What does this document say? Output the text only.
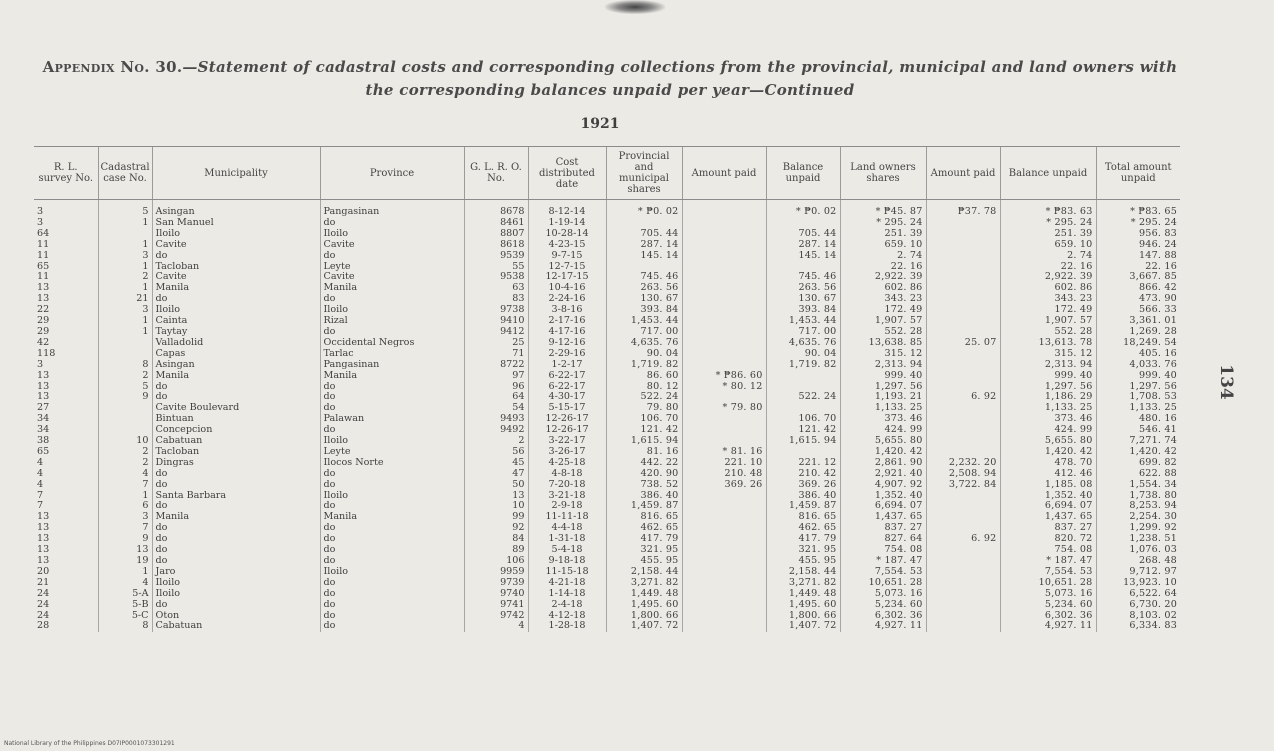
Appendix No. 30.—Statement of cadastral costs and corresponding collections from the provincial, municipal and land owners with the corresponding balances unpaid per year—Continued
1921
134
R. L. survey No.	Cadastral case No.	Municipality	Province	G. L. R. O. No.	Cost distributed date	Provincial and municipal shares	Amount paid	Balance unpaid	Land owners shares	Amount paid	Balance unpaid	Total amount unpaid
3	5	Asingan	Pangasinan	8678	8-12-14	* ₱0. 02		* ₱0. 02	* ₱45. 87	₱37. 78	* ₱83. 63	* ₱83. 65
3	1	San Manuel	do	8461	1-19-14				* 295. 24		* 295. 24	* 295. 24
64		Iloilo	Iloilo	8807	10-28-14	705. 44		705. 44	251. 39		251. 39	956. 83
11	1	Cavite	Cavite	8618	4-23-15	287. 14		287. 14	659. 10		659. 10	946. 24
11	3	do	do	9539	9-7-15	145. 14		145. 14	2. 74		2. 74	147. 88
65	1	Tacloban	Leyte	55	12-7-15				22. 16		22. 16	22. 16
11	2	Cavite	Cavite	9538	12-17-15	745. 46		745. 46	2,922. 39		2,922. 39	3,667. 85
13	1	Manila	Manila	63	10-4-16	263. 56		263. 56	602. 86		602. 86	866. 42
13	21	do	do	83	2-24-16	130. 67		130. 67	343. 23		343. 23	473. 90
22	3	Iloilo	Iloilo	9738	3-8-16	393. 84		393. 84	172. 49		172. 49	566. 33
29	1	Cainta	Rizal	9410	2-17-16	1,453. 44		1,453. 44	1,907. 57		1,907. 57	3,361. 01
29	1	Taytay	do	9412	4-17-16	717. 00		717. 00	552. 28		552. 28	1,269. 28
42		Valladolid	Occidental Negros	25	9-12-16	4,635. 76		4,635. 76	13,638. 85	25. 07	13,613. 78	18,249. 54
118		Capas	Tarlac	71	2-29-16	90. 04		90. 04	315. 12		315. 12	405. 16
3	8	Asingan	Pangasinan	8722	1-2-17	1,719. 82		1,719. 82	2,313. 94		2,313. 94	4,033. 76
13	2	Manila	Manila	97	6-22-17	86. 60	* ₱86. 60		999. 40		999. 40	999. 40
13	5	do	do	96	6-22-17	80. 12	* 80. 12		1,297. 56		1,297. 56	1,297. 56
13	9	do	do	64	4-30-17	522. 24		522. 24	1,193. 21	6. 92	1,186. 29	1,708. 53
27		Cavite Boulevard	do	54	5-15-17	79. 80	* 79. 80		1,133. 25		1,133. 25	1,133. 25
34		Bintuan	Palawan	9493	12-26-17	106. 70		106. 70	373. 46		373. 46	480. 16
34		Concepcion	do	9492	12-26-17	121. 42		121. 42	424. 99		424. 99	546. 41
38	10	Cabatuan	Iloilo	2	3-22-17	1,615. 94		1,615. 94	5,655. 80		5,655. 80	7,271. 74
65	2	Tacloban	Leyte	56	3-26-17	81. 16	* 81. 16		1,420. 42		1,420. 42	1,420. 42
4	2	Dingras	Ilocos Norte	45	4-25-18	442. 22	221. 10	221. 12	2,861. 90	2,232. 20	478. 70	699. 82
4	4	do	do	47	4-8-18	420. 90	210. 48	210. 42	2,921. 40	2,508. 94	412. 46	622. 88
4	7	do	do	50	7-20-18	738. 52	369. 26	369. 26	4,907. 92	3,722. 84	1,185. 08	1,554. 34
7	1	Santa Barbara	Iloilo	13	3-21-18	386. 40		386. 40	1,352. 40		1,352. 40	1,738. 80
7	6	do	do	10	2-9-18	1,459. 87		1,459. 87	6,694. 07		6,694. 07	8,253. 94
13	3	Manila	Manila	99	11-11-18	816. 65		816. 65	1,437. 65		1,437. 65	2,254. 30
13	7	do	do	92	4-4-18	462. 65		462. 65	837. 27		837. 27	1,299. 92
13	9	do	do	84	1-31-18	417. 79		417. 79	827. 64	6. 92	820. 72	1,238. 51
13	13	do	do	89	5-4-18	321. 95		321. 95	754. 08		754. 08	1,076. 03
13	19	do	do	106	9-18-18	455. 95		455. 95	* 187. 47		* 187. 47	268. 48
20	1	Jaro	Iloilo	9959	11-15-18	2,158. 44		2,158. 44	7,554. 53		7,554. 53	9,712. 97
21	4	Iloilo	do	9739	4-21-18	3,271. 82		3,271. 82	10,651. 28		10,651. 28	13,923. 10
24	5-A	Iloilo	do	9740	1-14-18	1,449. 48		1,449. 48	5,073. 16		5,073. 16	6,522. 64
24	5-B	do	do	9741	2-4-18	1,495. 60		1,495. 60	5,234. 60		5,234. 60	6,730. 20
24	5-C	Oton	do	9742	4-12-18	1,800. 66		1,800. 66	6,302. 36		6,302. 36	8,103. 02
28	8	Cabatuan	do	4	1-28-18	1,407. 72		1,407. 72	4,927. 11		4,927. 11	6,334. 83
National Library of the Philippines D07IP0001073301291
